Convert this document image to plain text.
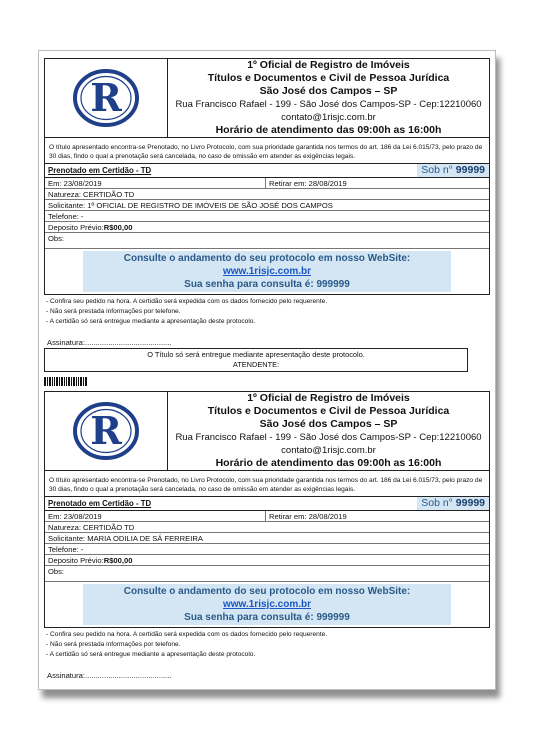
R
1º Oficial de Registro de Imóveis
Títulos e Documentos e Civil de Pessoa Jurídica
São José dos Campos – SP
Rua Francisco Rafael - 199 - São José dos Campos-SP - Cep:12210060
contato@1risjc.com.br
Horário de atendimento das 09:00h as 16:00h
O título apresentado encontra-se Prenotado, no Livro Protocolo, com sua prioridade garantida nos termos do art. 186 da Lei 6.015/73, pelo prazo de 30 dias, findo o qual a prenotação será cancelada, no caso de omissão em atender as exigências legais.
Prenotado em Certidão - TD	Sob n° 99999
Em: 23/08/2019	Retirar em: 28/08/2019
Natureza: CERTIDÃO TD
Solicitante: 1º OFICIAL DE REGISTRO DE IMÓVEIS DE SÃO JOSÉ DOS CAMPOS
Telefone: -
Deposito Prévio: R$00,00
Obs:
Consulte o andamento do seu protocolo em nosso WebSite: www.1risjc.com.br
Sua senha para consulta é: 999999
- Confira seu pedido na hora. A certidão será expedida com os dados fornecido pelo requerente.
- Não será prestada informações por telefone.
- A certidão só será entregue mediante a apresentação deste protocolo.
Assinatura:.........................................
O Título só será entregue mediante apresentação deste protocolo.
ATENDENTE:
R
1º Oficial de Registro de Imóveis
Títulos e Documentos e Civil de Pessoa Jurídica
São José dos Campos – SP
Rua Francisco Rafael - 199 - São José dos Campos-SP - Cep:12210060
contato@1risjc.com.br
Horário de atendimento das 09:00h as 16:00h
O título apresentado encontra-se Prenotado, no Livro Protocolo, com sua prioridade garantida nos termos do art. 186 da Lei 6.015/73, pelo prazo de 30 dias, findo o qual a prenotação será cancelada, no caso de omissão em atender as exigências legais.
Prenotado em Certidão - TD	Sob n° 99999
Em: 23/08/2019	Retirar em: 28/08/2019
Natureza: CERTIDÃO TD
Solicitante: MARIA ODILIA DE SÁ FERREIRA
Telefone: -
Deposito Prévio: R$00,00
Obs:
Consulte o andamento do seu protocolo em nosso WebSite: www.1risjc.com.br
Sua senha para consulta é: 999999
- Confira seu pedido na hora. A certidão será expedida com os dados fornecido pelo requerente.
- Não será prestada informações por telefone.
- A certidão só será entregue mediante a apresentação deste protocolo.
Assinatura:.........................................
